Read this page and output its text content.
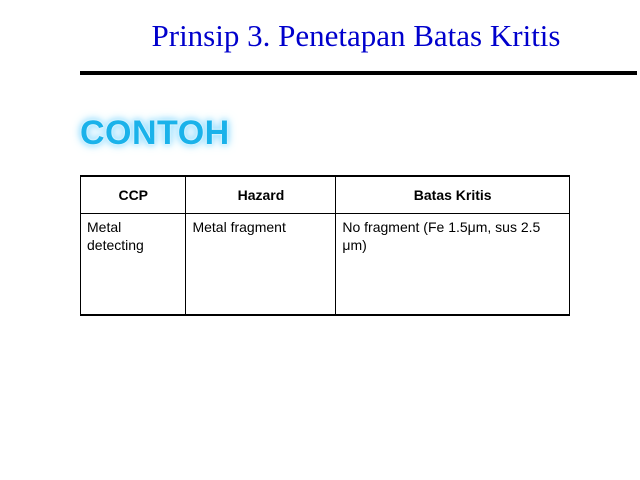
Prinsip 3. Penetapan Batas Kritis
CONTOH
CCP	Hazard	Batas Kritis
Metal detecting	Metal fragment	No fragment (Fe 1.5μm, sus 2.5 μm)
